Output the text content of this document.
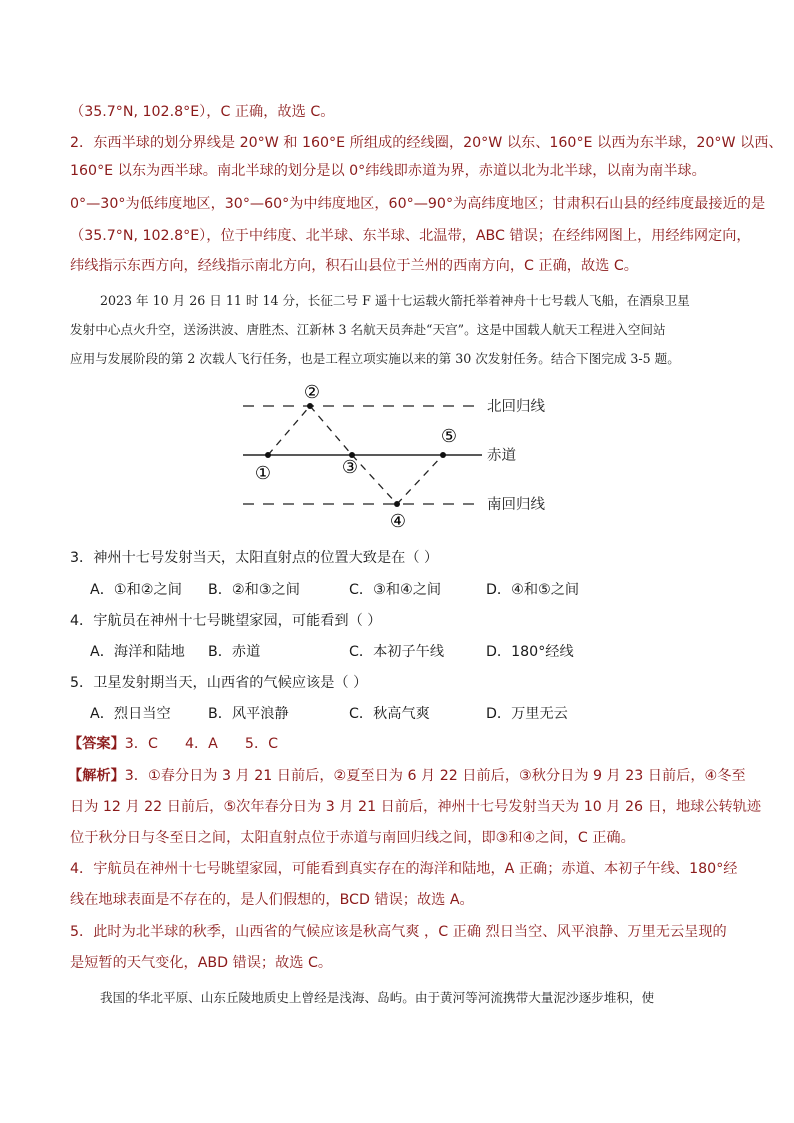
（35.7°N, 102.8°E），C 正确，故选 C。
2．东西半球的划分界线是 20°W 和 160°E 所组成的经线圈，20°W 以东、160°E 以西为东半球，20°W 以西、
160°E 以东为西半球。南北半球的划分是以 0°纬线即赤道为界，赤道以北为北半球，以南为南半球。
0°—30°为低纬度地区，30°—60°为中纬度地区，60°—90°为高纬度地区；甘肃积石山县的经纬度最接近的是
（35.7°N, 102.8°E），位于中纬度、北半球、东半球、北温带，ABC 错误；在经纬网图上，用经纬网定向，
纬线指示东西方向，经线指示南北方向，积石山县位于兰州的西南方向，C 正确，故选 C。
2023 年 10 月 26 日 11 时 14 分，长征二号 F 遥十七运载火箭托举着神舟十七号载人飞船，在酒泉卫星
发射中心点火升空，送汤洪波、唐胜杰、江新林 3 名航天员奔赴“天宫”。这是中国载人航天工程进入空间站
应用与发展阶段的第 2 次载人飞行任务，也是工程立项实施以来的第 30 次发射任务。结合下图完成 3-5 题。
①
②
③
④
⑤
北回归线
赤道
南回归线
3．神州十七号发射当天，太阳直射点的位置大致是在（ ）
A．①和②之间 B．②和③之间	C．③和④之间	D．④和⑤之间
4．宇航员在神州十七号眺望家园，可能看到（ ）
A．海洋和陆地 B．赤道	C．本初子午线	D．180°经线
5．卫星发射期当天，山西省的气候应该是（ ）
A．烈日当空	B．风平浪静	C．秋高气爽	D．万里无云
【答案】3．C      4．A      5．C
【解析】3．①春分日为 3 月 21 日前后，②夏至日为 6 月 22 日前后，③秋分日为 9 月 23 日前后，④冬至
日为 12 月 22 日前后，⑤次年春分日为 3 月 21 日前后，神州十七号发射当天为 10 月 26 日，地球公转轨迹
位于秋分日与冬至日之间，太阳直射点位于赤道与南回归线之间，即③和④之间，C 正确。
4．宇航员在神州十七号眺望家园，可能看到真实存在的海洋和陆地，A 正确；赤道、本初子午线、180°经
线在地球表面是不存在的，是人们假想的，BCD 错误；故选 A。
5．此时为北半球的秋季，山西省的气候应该是秋高气爽 ，C 正确 烈日当空、风平浪静、万里无云呈现的
是短暂的天气变化，ABD 错误；故选 C。
我国的华北平原、山东丘陵地质史上曾经是浅海、岛屿。由于黄河等河流携带大量泥沙逐步堆积，使
